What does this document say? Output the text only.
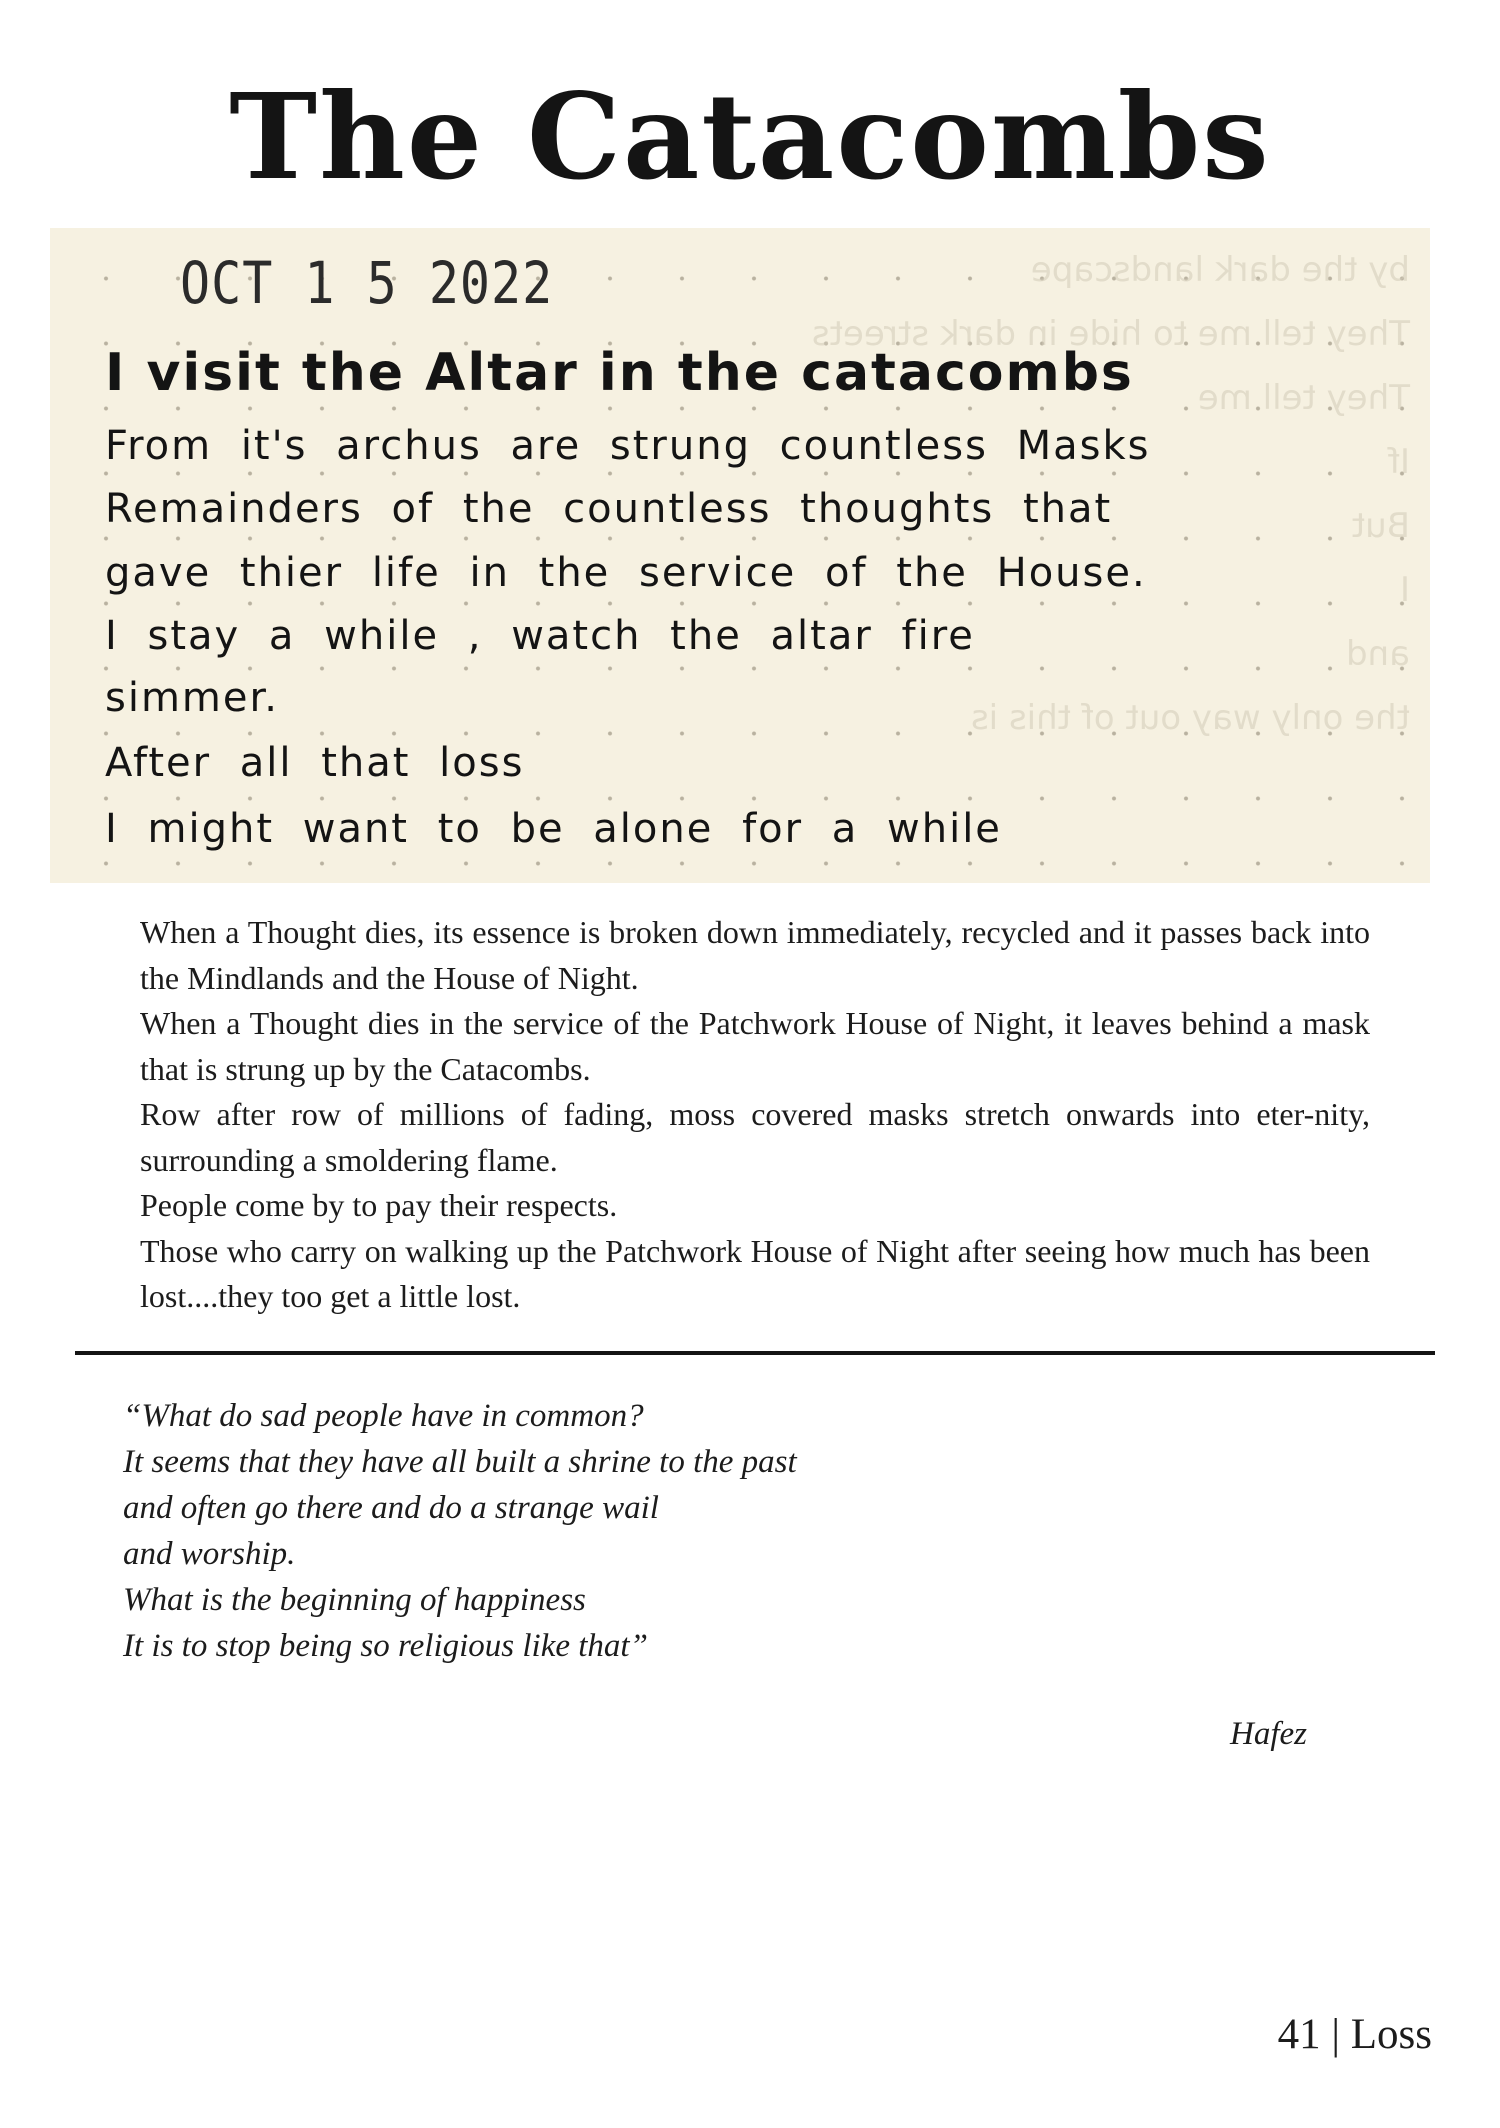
The Catacombs
by the dark landscape
They tell me to hide in dark streets
They tell me
If
But
I
and
the only way out of this is
OCT 1 5 2022
I visit the Altar in the catacombs
From it's archus are strung countless Masks
Remainders of the countless thoughts that
gave thier life in the service of the House.
I stay a while , watch the altar fire
simmer.
After all that loss
I might want to be alone for a while

When a Thought dies, its essence is broken down immediately, recycled and it passes back into the Mindlands and the House of Night.

When a Thought dies in the service of the Patchwork House of Night, it leaves behind a mask that is strung up by the Catacombs.

Row after row of millions of fading, moss covered masks stretch onwards into eter-nity, surrounding a smoldering flame.

People come by to pay their respects.

Those who carry on walking up the Patchwork House of Night after seeing how much has been lost....they too get a little lost.

“What do sad people have in common?
It seems that they have all built a shrine to the past
and often go there and do a strange wail
and worship.
What is the beginning of happiness
It is to stop being so religious like that”
Hafez
41 | Loss
